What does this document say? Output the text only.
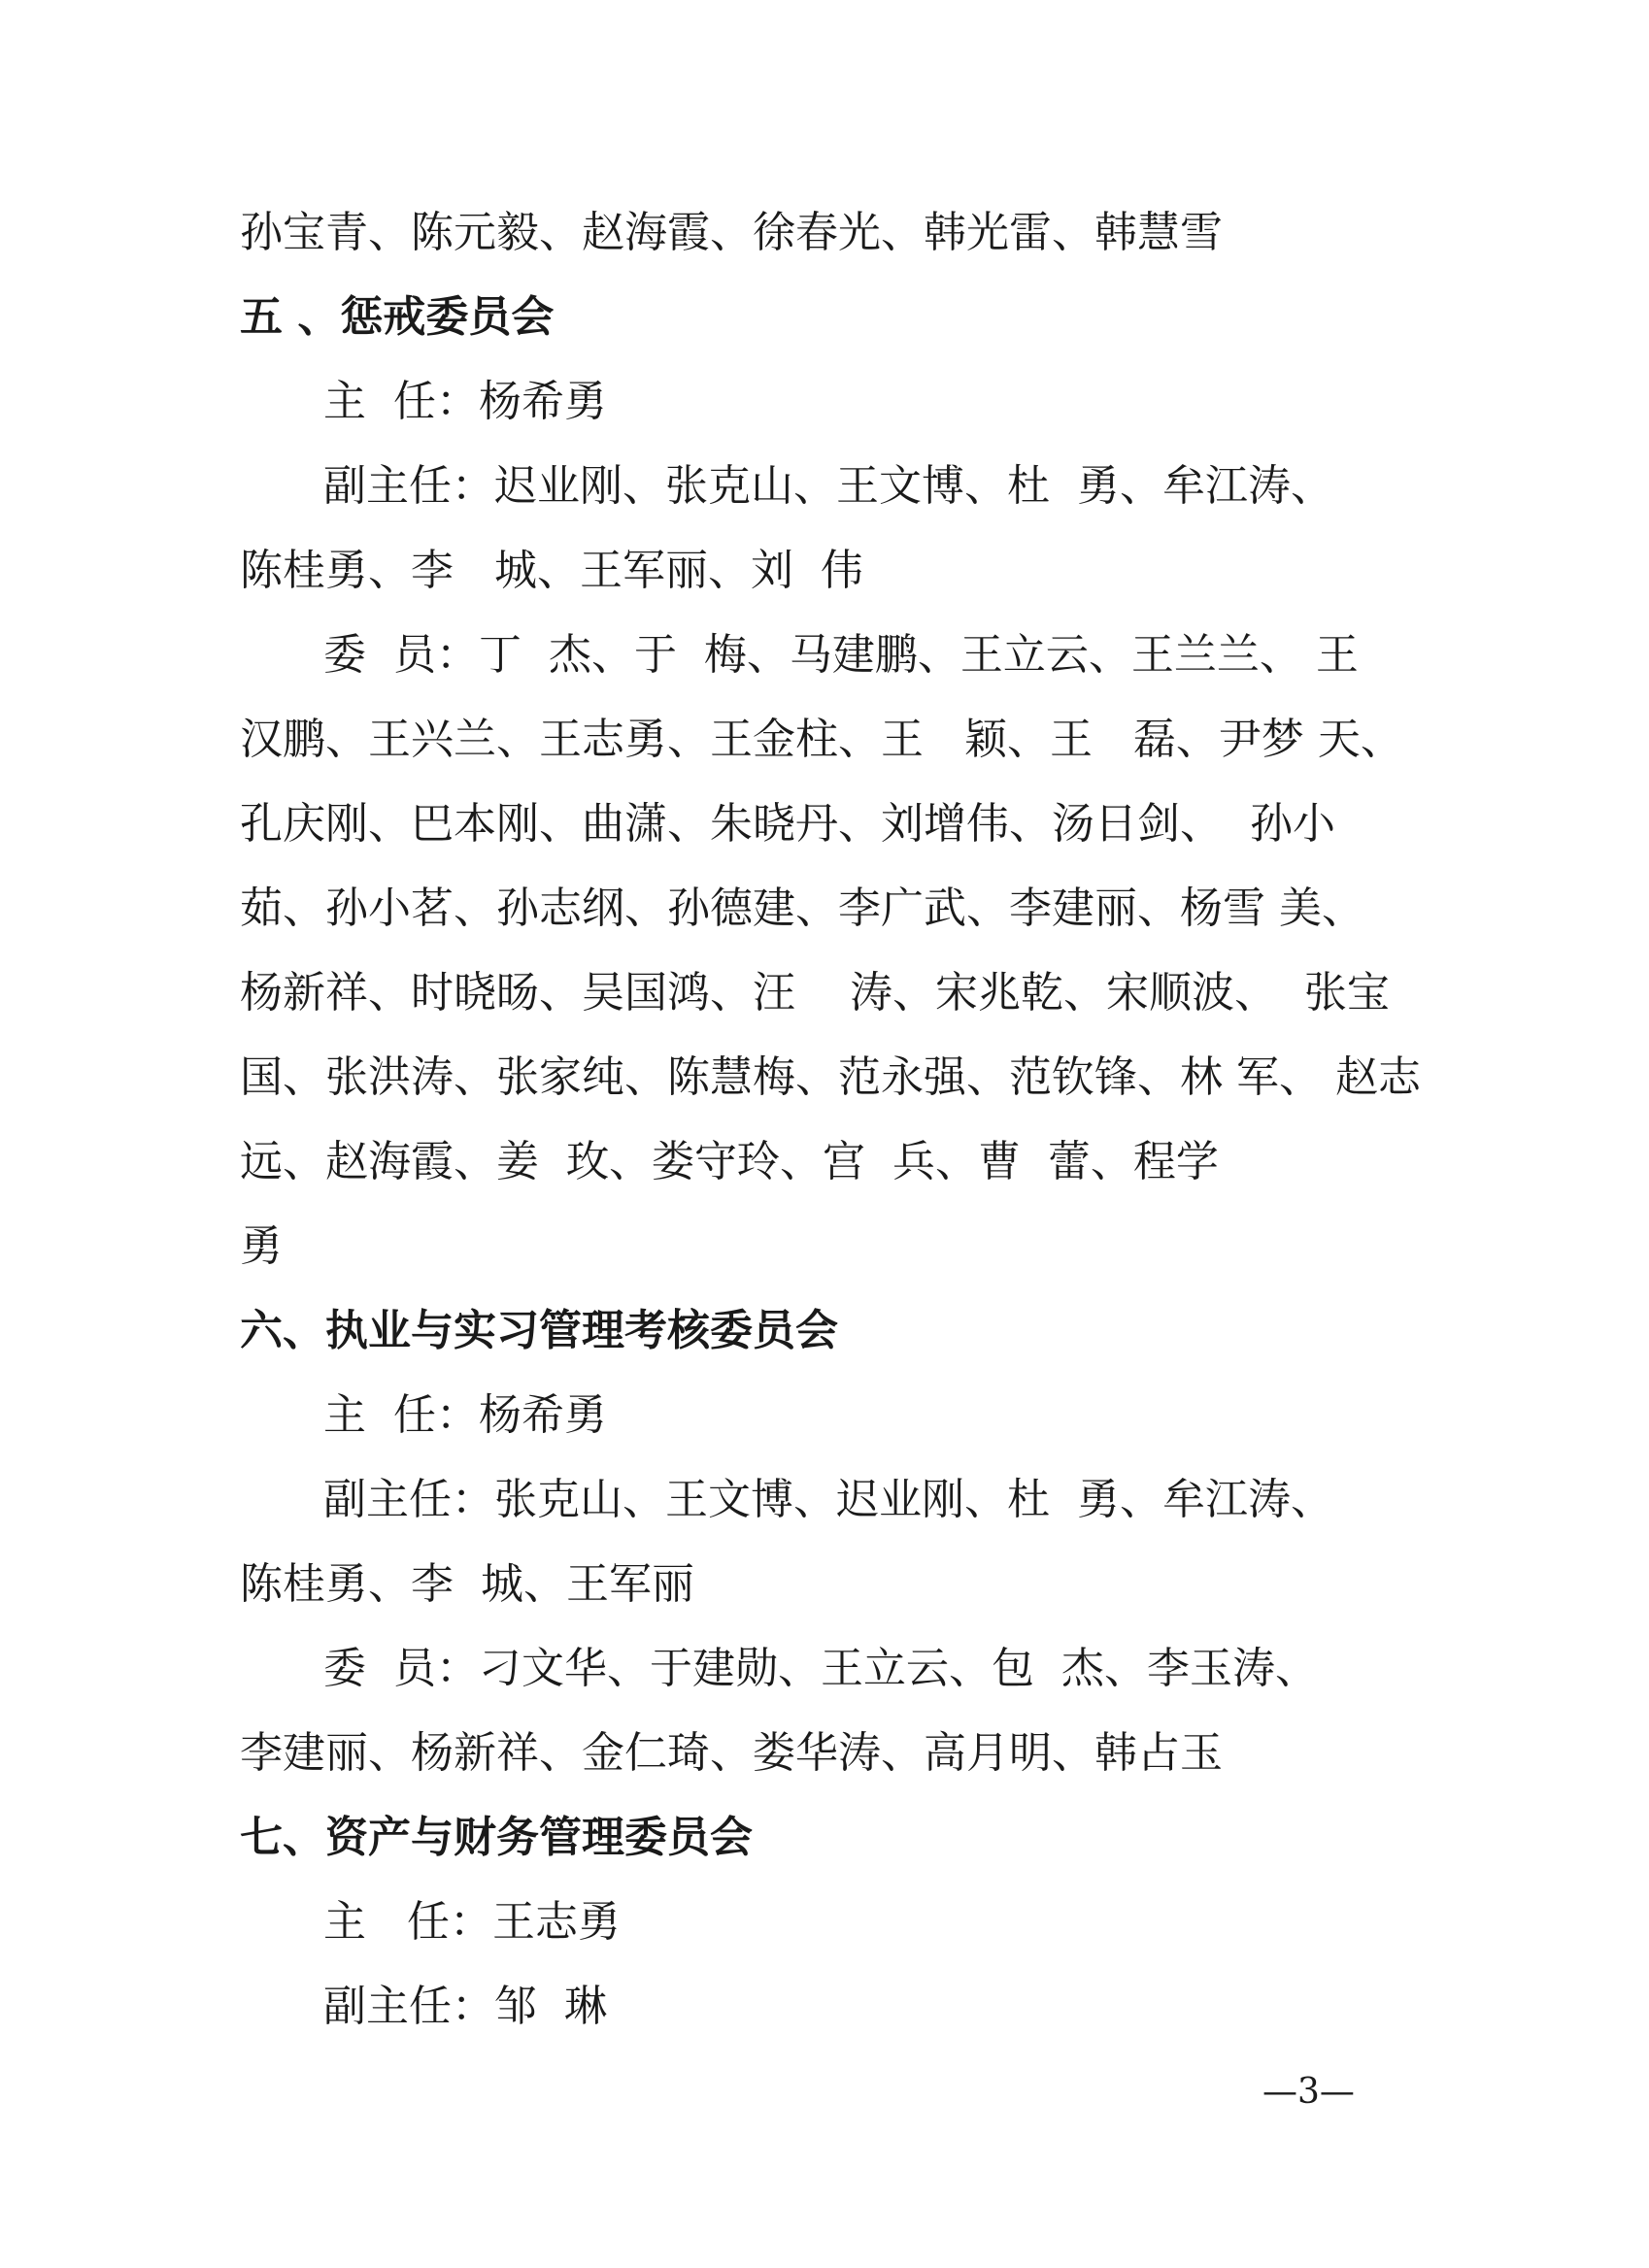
孙宝青、陈元毅、赵海霞、徐春光、韩光雷、韩慧雪

五 、惩戒委员会

主  任：杨希勇

副主任：迟业刚、张克山、王文博、杜  勇、牟江涛、

陈桂勇、李   城、王军丽、刘  伟

委  员：丁  杰、于  梅、马建鹏、王立云、王兰兰、 王

汉鹏、王兴兰、王志勇、王金柱、王   颖、王   磊、尹梦 天、

孔庆刚、巴本刚、曲潇、朱晓丹、刘增伟、汤日剑、  孙小

茹、孙小茗、孙志纲、孙德建、李广武、李建丽、杨雪 美、

杨新祥、时晓旸、吴国鸿、汪    涛、宋兆乾、宋顺波、  张宝

国、张洪涛、张家纯、陈慧梅、范永强、范钦锋、林 军、 赵志

远、赵海霞、姜  玫、娄守玲、宫  兵、曹  蕾、程学

勇

六、执业与实习管理考核委员会

主  任：杨希勇

副主任：张克山、王文博、迟业刚、杜  勇、牟江涛、

陈桂勇、李  城、王军丽

委  员：刁文华、于建勋、王立云、包  杰、李玉涛、

李建丽、杨新祥、金仁琦、娄华涛、高月明、韩占玉

七、资产与财务管理委员会

主   任：王志勇

副主任：邹  琳

—3—
